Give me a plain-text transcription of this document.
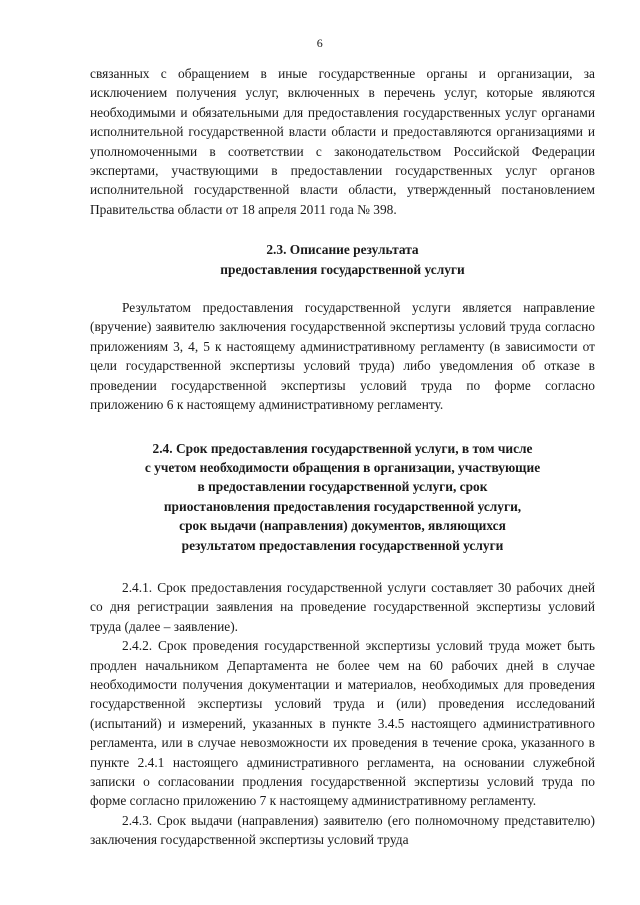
6

связанных с обращением в иные государственные органы и организации, за исключением получения услуг, включенных в перечень услуг, которые являются необходимыми и обязательными для предоставления государственных услуг органами исполнительной государственной власти области и предоставляются организациями и уполномоченными в соответствии с законодательством Российской Федерации экспертами, участвующими в предоставлении государственных услуг органов исполнительной государственной власти области, утвержденный постановлением Правительства области от 18 апреля 2011 года № 398.

2.3. Описание результата
предоставления государственной услуги

Результатом предоставления государственной услуги является направление (вручение) заявителю заключения государственной экспертизы условий труда согласно приложениям 3, 4, 5 к настоящему административному регламенту (в зависимости от цели государственной экспертизы условий труда) либо уведомления об отказе в проведении государственной экспертизы условий труда по форме согласно приложению 6 к настоящему административному регламенту.

2.4. Срок предоставления государственной услуги, в том числе
с учетом необходимости обращения в организации, участвующие
в предоставлении государственной услуги, срок
приостановления предоставления государственной услуги,
срок выдачи (направления) документов, являющихся
результатом предоставления государственной услуги

2.4.1. Срок предоставления государственной услуги составляет 30 рабочих дней со дня регистрации заявления на проведение государственной экспертизы условий труда (далее – заявление).

2.4.2. Срок проведения государственной экспертизы условий труда может быть продлен начальником Департамента не более чем на 60 рабочих дней в случае необходимости получения документации и материалов, необходимых для проведения государственной экспертизы условий труда и (или) проведения исследований (испытаний) и измерений, указанных в пункте 3.4.5 настоящего административного регламента, или в случае невозможности их проведения в течение срока, указанного в пункте 2.4.1 настоящего административного регламента, на основании служебной записки о согласовании продления государственной экспертизы условий труда по форме согласно приложению 7 к настоящему административному регламенту.

2.4.3. Срок выдачи (направления) заявителю (его полномочному представителю) заключения государственной экспертизы условий труда
